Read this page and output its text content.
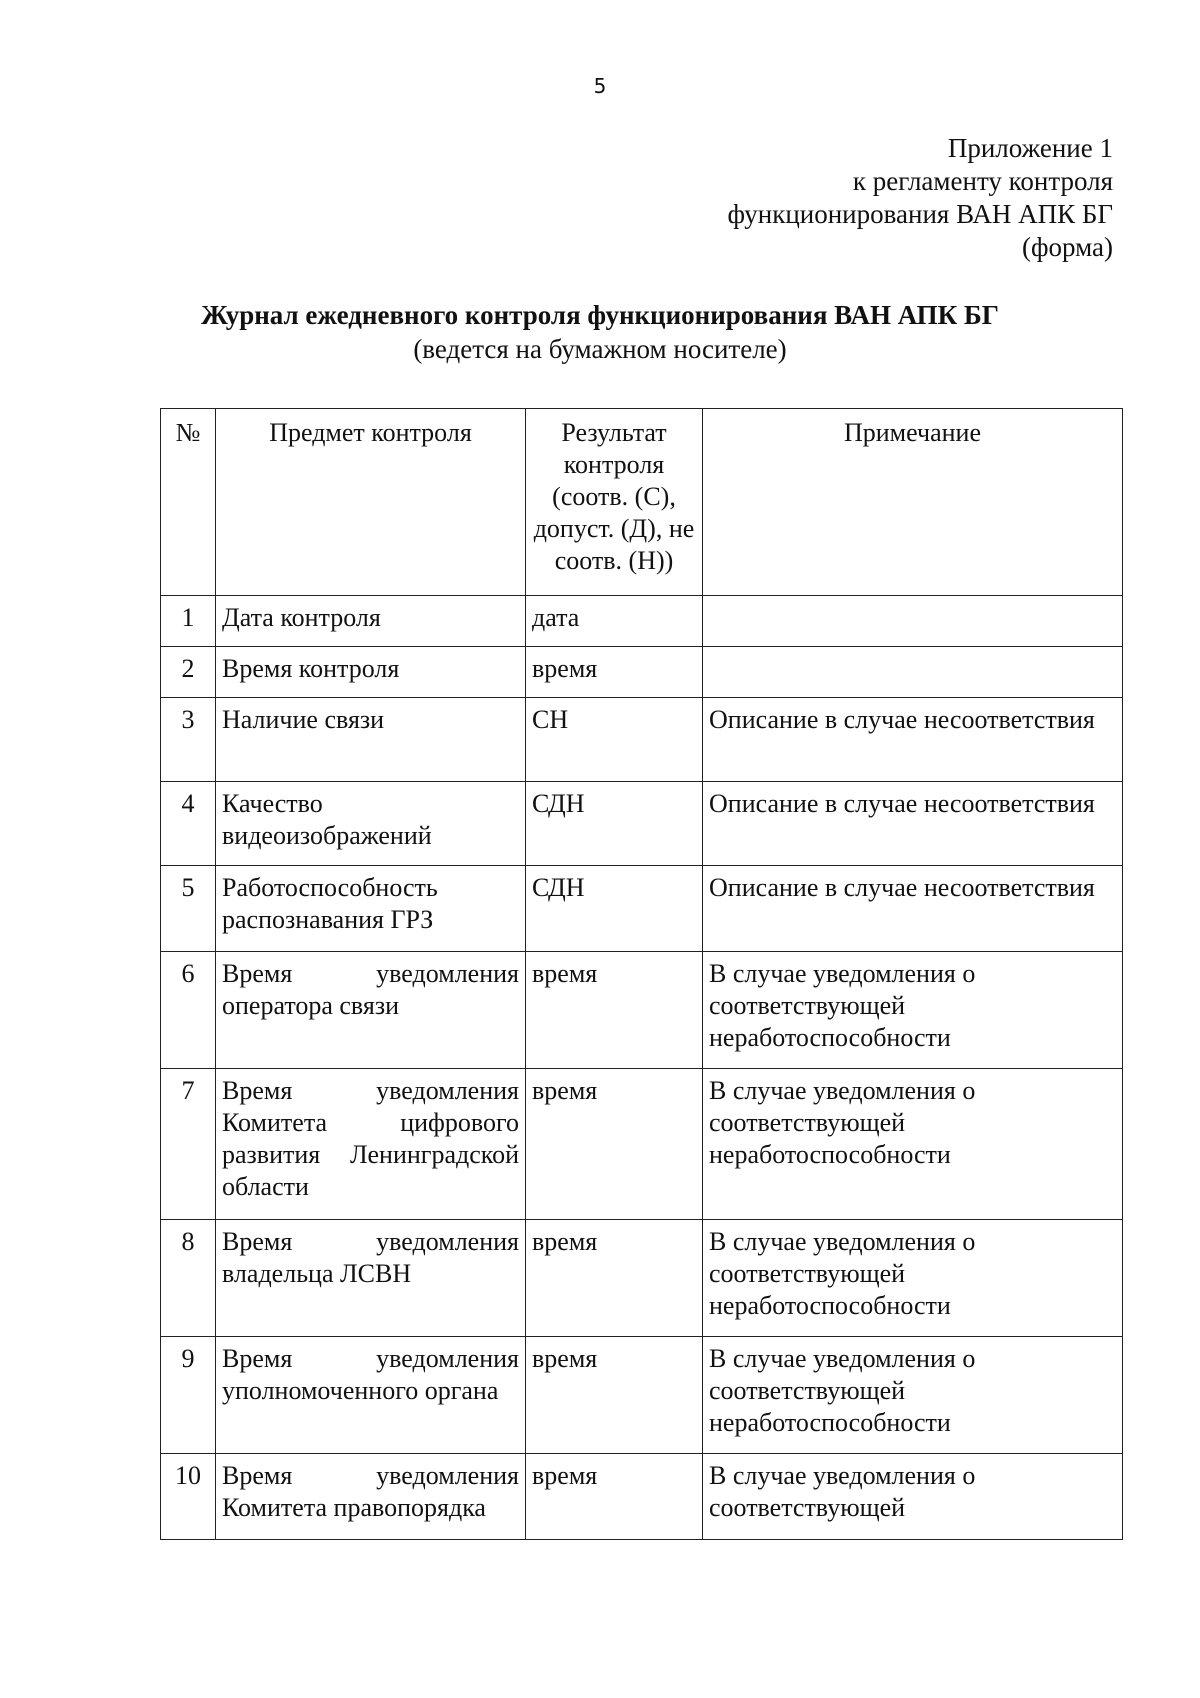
5
Приложение 1
к регламенту контроля
функционирования ВАН АПК БГ
(форма)
Журнал ежедневного контроля функционирования ВАН АПК БГ
(ведется на бумажном носителе)
№	Предмет контроля	Результат контроля (соотв. (С), допуст. (Д), не соотв. (Н))	Примечание
1	Дата контроля	дата	
2	Время контроля	время	
3	Наличие связи	СН	Описание в случае несоответствия
4	Качество видеоизображений	СДН	Описание в случае несоответствия
5	Работоспособность распознавания ГРЗ	СДН	Описание в случае несоответствия
6	Время уведомления оператора связи	время	В случае уведомления о соответствующей неработоспособности
7	Время уведомления Комитета цифрового развития Ленинградской области	время	В случае уведомления о соответствующей неработоспособности
8	Время уведомления владельца ЛСВН	время	В случае уведомления о соответствующей неработоспособности
9	Время уведомления уполномоченного органа	время	В случае уведомления о соответствующей неработоспособности
10	Время уведомления Комитета правопорядка	время	В случае уведомления о соответствующей
